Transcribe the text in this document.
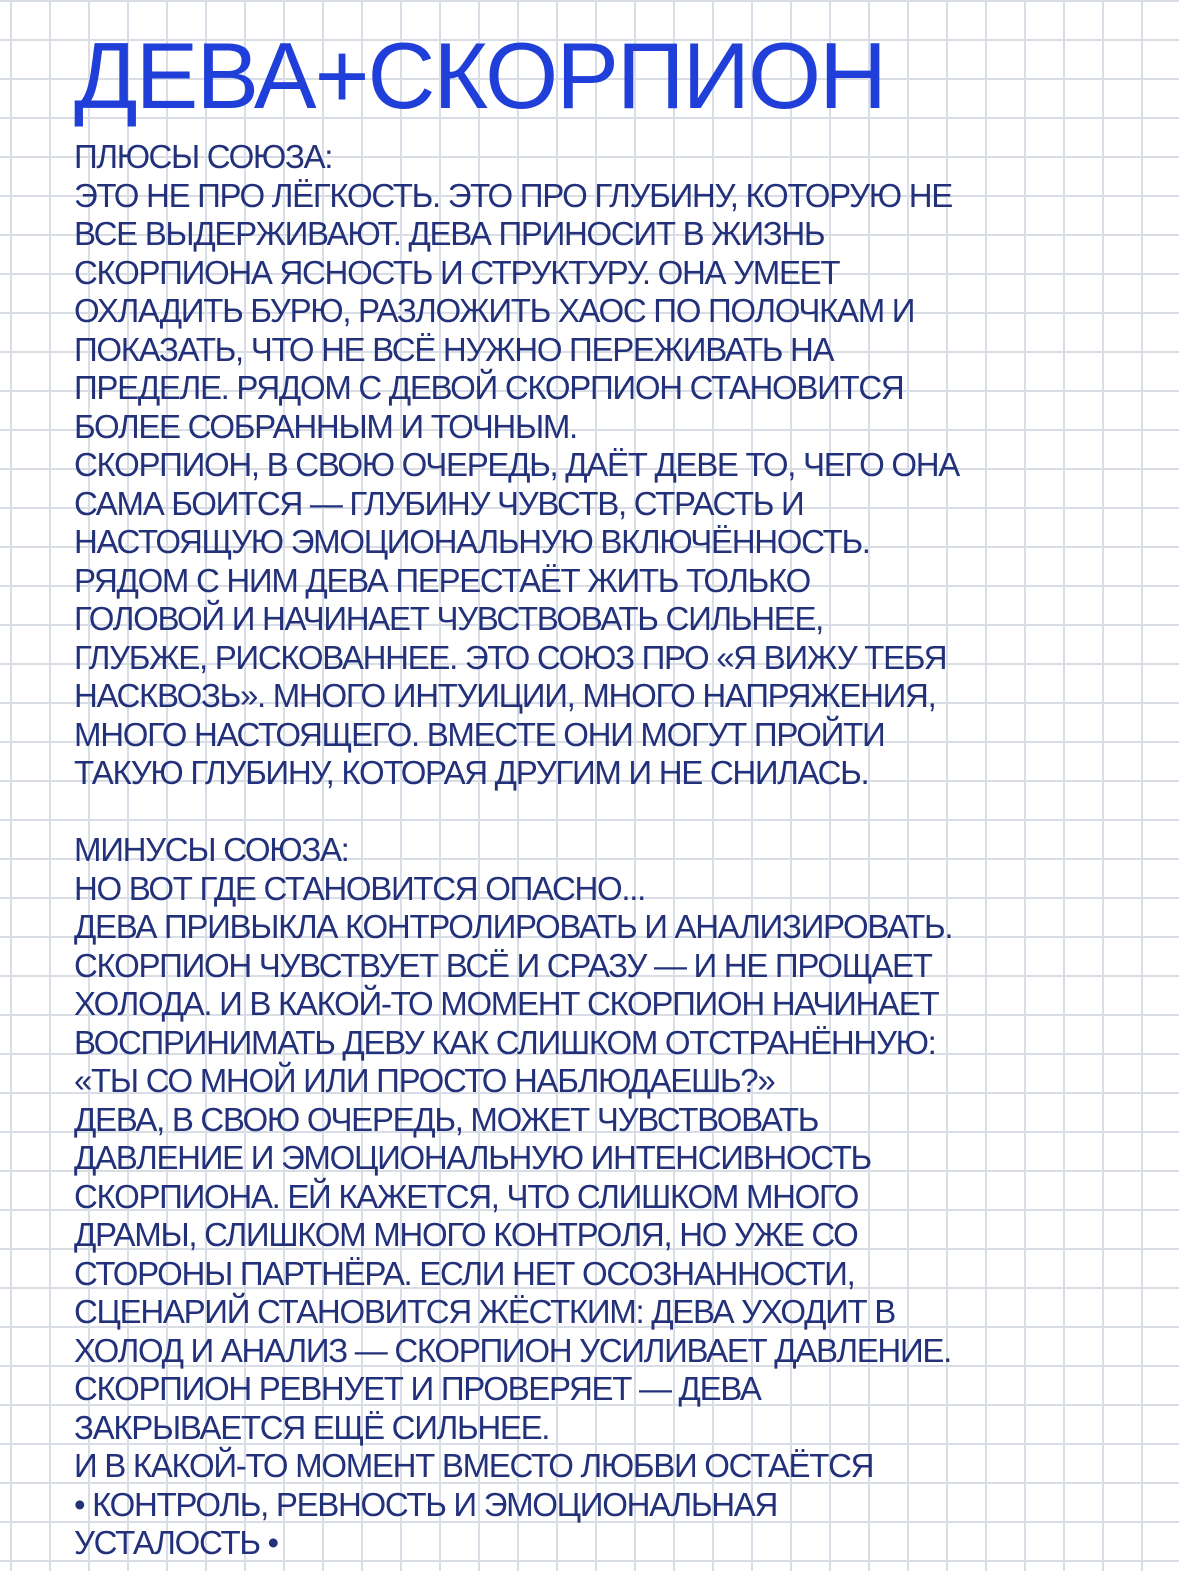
ДЕВА+СКОРПИОН
ПЛЮСЫ СОЮЗА:
ЭТО НЕ ПРО ЛЁГКОСТЬ. ЭТО ПРО ГЛУБИНУ, КОТОРУЮ НЕ
ВСЕ ВЫДЕРЖИВАЮТ. ДЕВА ПРИНОСИТ В ЖИЗНЬ
СКОРПИОНА ЯСНОСТЬ И СТРУКТУРУ. ОНА УМЕЕТ
ОХЛАДИТЬ БУРЮ, РАЗЛОЖИТЬ ХАОС ПО ПОЛОЧКАМ И
ПОКАЗАТЬ, ЧТО НЕ ВСЁ НУЖНО ПЕРЕЖИВАТЬ НА
ПРЕДЕЛЕ. РЯДОМ С ДЕВОЙ СКОРПИОН СТАНОВИТСЯ
БОЛЕЕ СОБРАННЫМ И ТОЧНЫМ.
СКОРПИОН, В СВОЮ ОЧЕРЕДЬ, ДАЁТ ДЕВЕ ТО, ЧЕГО ОНА
САМА БОИТСЯ — ГЛУБИНУ ЧУВСТВ, СТРАСТЬ И
НАСТОЯЩУЮ ЭМОЦИОНАЛЬНУЮ ВКЛЮЧЁННОСТЬ.
РЯДОМ С НИМ ДЕВА ПЕРЕСТАЁТ ЖИТЬ ТОЛЬКО
ГОЛОВОЙ И НАЧИНАЕТ ЧУВСТВОВАТЬ СИЛЬНЕЕ,
ГЛУБЖЕ, РИСКОВАННЕЕ. ЭТО СОЮЗ ПРО «Я ВИЖУ ТЕБЯ
НАСКВОЗЬ». МНОГО ИНТУИЦИИ, МНОГО НАПРЯЖЕНИЯ,
МНОГО НАСТОЯЩЕГО. ВМЕСТЕ ОНИ МОГУТ ПРОЙТИ
ТАКУЮ ГЛУБИНУ, КОТОРАЯ ДРУГИМ И НЕ СНИЛАСЬ.
МИНУСЫ СОЮЗА:
НО ВОТ ГДЕ СТАНОВИТСЯ ОПАСНО...
ДЕВА ПРИВЫКЛА КОНТРОЛИРОВАТЬ И АНАЛИЗИРОВАТЬ.
СКОРПИОН ЧУВСТВУЕТ ВСЁ И СРАЗУ — И НЕ ПРОЩАЕТ
ХОЛОДА. И В КАКОЙ-ТО МОМЕНТ СКОРПИОН НАЧИНАЕТ
ВОСПРИНИМАТЬ ДЕВУ КАК СЛИШКОМ ОТСТРАНЁННУЮ:
«ТЫ СО МНОЙ ИЛИ ПРОСТО НАБЛЮДАЕШЬ?»
ДЕВА, В СВОЮ ОЧЕРЕДЬ, МОЖЕТ ЧУВСТВОВАТЬ
ДАВЛЕНИЕ И ЭМОЦИОНАЛЬНУЮ ИНТЕНСИВНОСТЬ
СКОРПИОНА. ЕЙ КАЖЕТСЯ, ЧТО СЛИШКОМ МНОГО
ДРАМЫ, СЛИШКОМ МНОГО КОНТРОЛЯ, НО УЖЕ СО
СТОРОНЫ ПАРТНЁРА. ЕСЛИ НЕТ ОСОЗНАННОСТИ,
СЦЕНАРИЙ СТАНОВИТСЯ ЖЁСТКИМ: ДЕВА УХОДИТ В
ХОЛОД И АНАЛИЗ — СКОРПИОН УСИЛИВАЕТ ДАВЛЕНИЕ.
СКОРПИОН РЕВНУЕТ И ПРОВЕРЯЕТ — ДЕВА
ЗАКРЫВАЕТСЯ ЕЩЁ СИЛЬНЕЕ.
И В КАКОЙ-ТО МОМЕНТ ВМЕСТО ЛЮБВИ ОСТАЁТСЯ
• КОНТРОЛЬ, РЕВНОСТЬ И ЭМОЦИОНАЛЬНАЯ
УСТАЛОСТЬ •
